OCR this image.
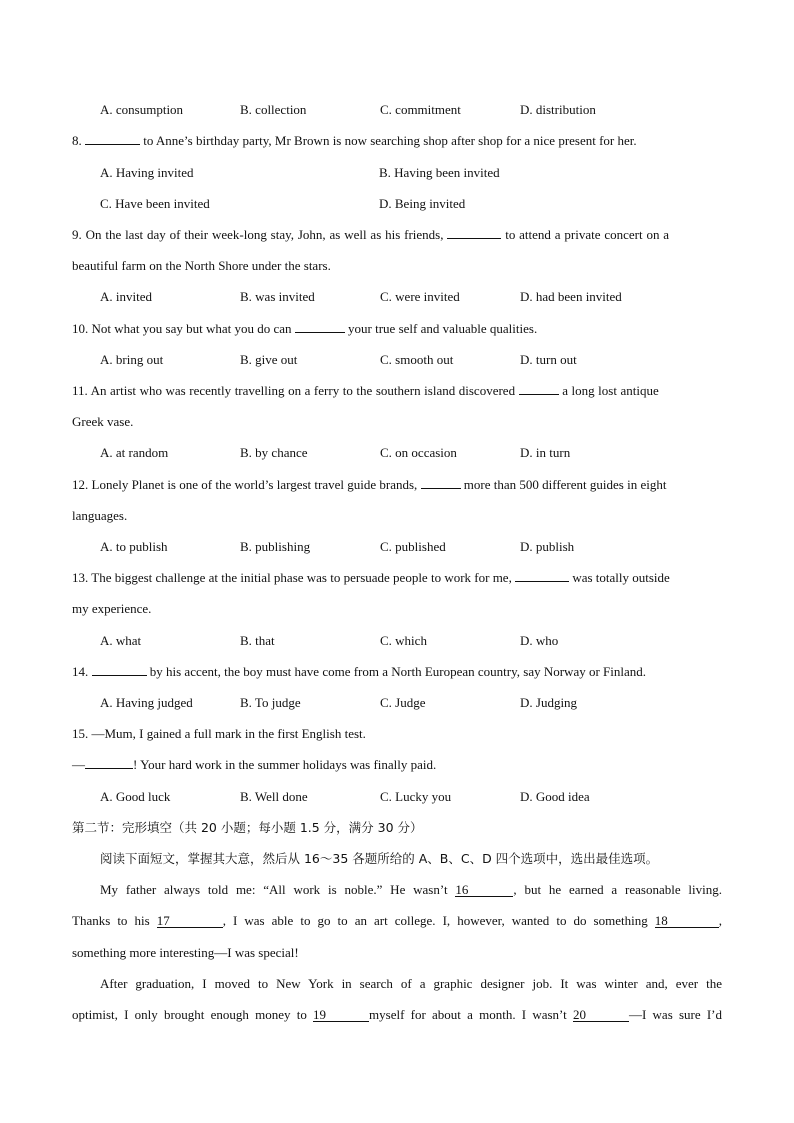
A. consumption	B. collection	C. commitment	D. distribution
8.	to Anne’s birthday party, Mr Brown is now searching shop after shop for a nice present for her.
A. Having invited	B. Having been invited
C. Have been invited	D. Being invited
9. On the last day of their week-long stay, John, as well as his friends,	to attend a private concert on a
beautiful farm on the North Shore under the stars.
A. invited	B. was invited	C. were invited	D. had been invited
10. Not what you say but what you do can	your true self and valuable qualities.
A. bring out	B. give out	C. smooth out	D. turn out
11. An artist who was recently travelling on a ferry to the southern island discovered	a long lost antique
Greek vase.
A. at random	B. by chance	C. on occasion	D. in turn
12. Lonely Planet is one of the world’s largest travel guide brands,	more than 500 different guides in eight
languages.
A. to publish	B. publishing	C. published	D. publish
13. The biggest challenge at the initial phase was to persuade people to work for me,	was totally outside
my experience.
A. what	B. that	C. which	D. who
14.	by his accent, the boy must have come from a North European country, say Norway or Finland.
A. Having judged	B. To judge	C. Judge	D. Judging
15. —Mum, I gained a full mark in the first English test.
—	! Your hard work in the summer holidays was finally paid.
A. Good luck	B. Well done	C. Lucky you	D. Good idea
第二节：完形填空（共 20 小题；每小题 1.5 分，满分 30 分）
阅读下面短文，掌握其大意，然后从 16～35 各题所给的 A、B、C、D 四个选项中，选出最佳选项。
My father always told me: “All work is noble.” He wasn’t 16	, but he earned a reasonable living.
Thanks to his 17	, I was able to go to an art college. I, however, wanted to do something 18	,
something more interesting—I was special!
After graduation, I moved to New York in search of a graphic designer job. It was winter and, ever the
optimist, I only brought enough money to 19	myself for about a month. I wasn’t 20	—I was sure I’d
